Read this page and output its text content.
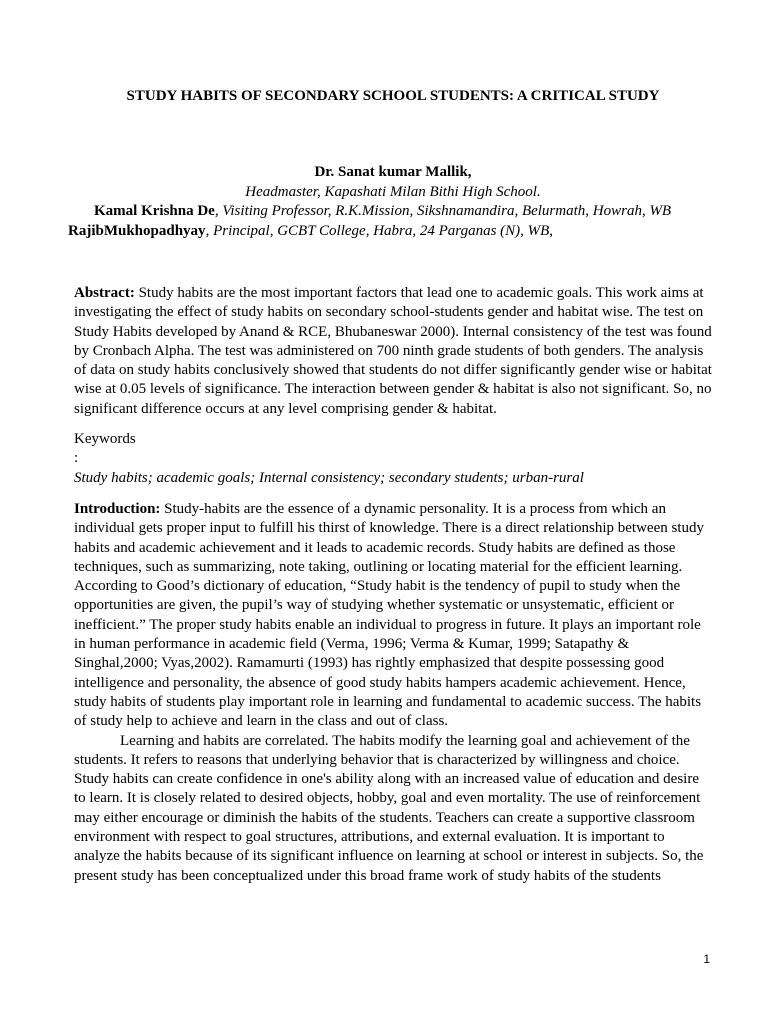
STUDY HABITS OF SECONDARY SCHOOL STUDENTS: A CRITICAL STUDY
Dr. Sanat kumar Mallik,
Headmaster, Kapashati Milan Bithi High School.
Kamal Krishna De, Visiting Professor, R.K.Mission, Sikshnamandira, Belurmath, Howrah, WB
RajibMukhopadhyay, Principal, GCBT College, Habra, 24 Parganas (N), WB,
Abstract: Study habits are the most important factors that lead one to academic goals. This work aims at investigating the effect of study habits on secondary school-students gender and habitat wise. The test on Study Habits developed by Anand & RCE, Bhubaneswar 2000). Internal consistency of the test was found by Cronbach Alpha. The test was administered on 700 ninth grade students of both genders. The analysis of data on study habits conclusively showed that students do not differ significantly gender wise or habitat wise at 0.05 levels of significance. The interaction between gender & habitat is also not significant. So, no significant difference occurs at any level comprising gender & habitat.
Keywords
:
Study habits; academic goals; Internal consistency; secondary students; urban-rural
Introduction: Study-habits are the essence of a dynamic personality. It is a process from which an individual gets proper input to fulfill his thirst of knowledge. There is a direct relationship between study habits and academic achievement and it leads to academic records. Study habits are defined as those techniques, such as summarizing, note taking, outlining or locating material for the efficient learning. According to Good’s dictionary of education, “Study habit is the tendency of pupil to study when the opportunities are given, the pupil’s way of studying whether systematic or unsystematic, efficient or inefficient.” The proper study habits enable an individual to progress in future. It plays an important role in human performance in academic field (Verma, 1996; Verma & Kumar, 1999; Satapathy & Singhal,2000; Vyas,2002). Ramamurti (1993) has rightly emphasized that despite possessing good intelligence and personality, the absence of good study habits hampers academic achievement. Hence, study habits of students play important role in learning and fundamental to academic success. The habits of study help to achieve and learn in the class and out of class.
Learning and habits are correlated. The habits modify the learning goal and achievement of the students. It refers to reasons that underlying behavior that is characterized by willingness and choice. Study habits can create confidence in one's ability along with an increased value of education and desire to learn. It is closely related to desired objects, hobby, goal and even mortality. The use of reinforcement may either encourage or diminish the habits of the students. Teachers can create a supportive classroom environment with respect to goal structures, attributions, and external evaluation. It is important to analyze the habits because of its significant influence on learning at school or interest in subjects. So, the present study has been conceptualized under this broad frame work of study habits of the students
1
